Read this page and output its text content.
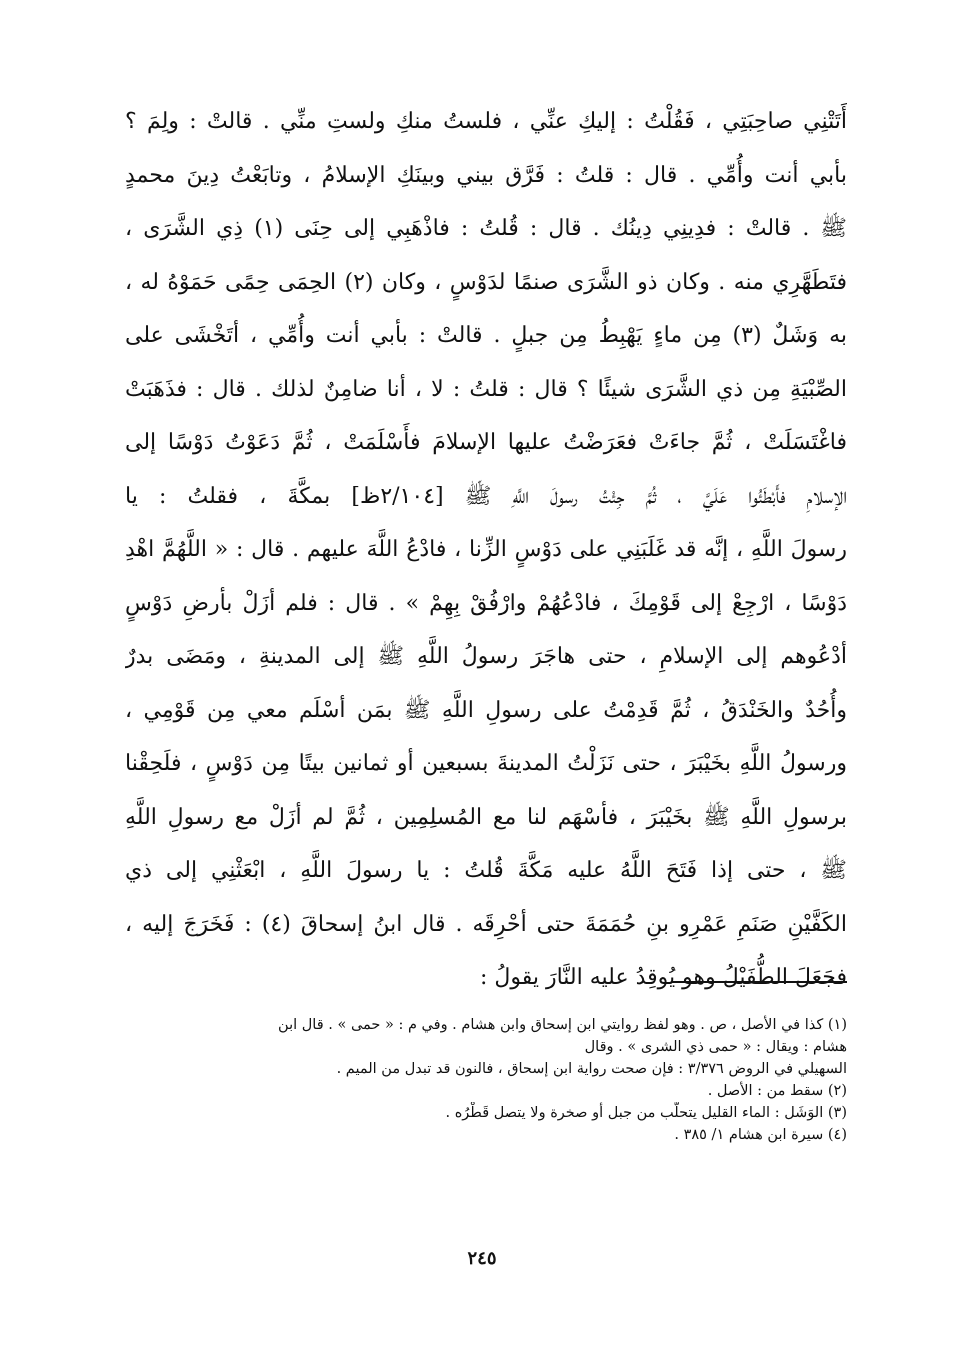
أَتَتْنِي صاحِبَتِي ، فَقُلْتُ : إليكِ عنِّي ، فلستُ منكِ ولستِ منِّي . قالتْ : ولِمَ ؟
بأبي أنت وأُمِّي . قال : قلتُ : فَرَّق بيني وبينَكِ الإسلامُ ، وتابَعْتُ دِينَ محمدٍ
ﷺ . قالتْ : فدِينِي دِينُك . قال : قُلتُ : فاذْهَبِي إلى حِنَى (١) ذِي الشَّرَى ،
فتَطَهَّرِي منه . وكان ذو الشَّرَى صنمًا لدَوْسٍ ، وكان (٢) الحِمَى حِمًى حَمَوْهُ له ،
به وَشَلٌ (٣) مِن ماءٍ يَهْبِطُ مِن جبلٍ . قالتْ : بأبي أنت وأُمِّي ، أتَخْشَى على
الصِّبْيَةِ مِن ذي الشَّرَى شيئًا ؟ قال : قلتُ : لا ، أنا ضامِنٌ لذلك . قال : فذَهَبَتْ
فاغْتَسَلَتْ ، ثُمَّ جاءَتْ فعَرَضْتُ عليها الإسلامَ فأَسْلَمَتْ ، ثُمَّ دَعَوْتُ دَوْسًا إلى
الإسلامِ فأَبْطَئُوا عَلَيَّ ، ثُمَّ جِئْتُ رسولَ اللَّهِ ﷺ [٢/١٠٤ظ] بمكَّةَ ، فقلتُ : يا
رسولَ اللَّهِ ، إنَّه قد غَلَبَنِي على دَوْسٍ الزِّنا ، فادْعُ اللَّهَ عليهم . قال : « اللَّهُمَّ اهْدِ
دَوْسًا ، ارْجِعْ إلى قَوْمِكَ ، فادْعُهُمْ وارْفُقْ بِهِمْ » . قال : فلم أزَلْ بأرضِ دَوْسٍ
أدْعُوهم إلى الإسلامِ ، حتى هاجَرَ رسولُ اللَّهِ ﷺ إلى المدينةِ ، ومَضَى بدرٌ
وأُحُدٌ والخَنْدَقُ ، ثُمَّ قَدِمْتُ على رسولِ اللَّهِ ﷺ بمَن أسْلَم معي مِن قَوْمِي ،
ورسولُ اللَّهِ بخَيْبَرَ ، حتى نَزَلْتُ المدينةَ بسبعين أو ثمانين بيتًا مِن دَوْسٍ ، فلَحِقْنا
برسولِ اللَّهِ ﷺ بخَيْبَرَ ، فأسْهَم لنا مع المُسلِمِين ، ثُمَّ لم أزَلْ مع رسولِ اللَّهِ
ﷺ ، حتى إذا فَتَحَ اللَّهُ عليه مَكَّةَ قُلتُ : يا رسولَ اللَّهِ ، ابْعَثْنِي إلى ذي
الكَفَّيْنِ صَنَمِ عَمْرِو بنِ حُمَمَةَ حتى أحْرِقَه . قال ابنُ إسحاقَ (٤) : فَخَرَجَ إليه ،
فجَعَلَ الطُّفَيْلُ وهو يُوقِدُ عليه النَّارَ يقولُ :
(١) كذا في الأصل ، ص . وهو لفظ روايتي ابن إسحاق وابن هشام . وفي م : « حمى » . قال ابن
هشام : ويقال : « حمى ذي الشرى » . وقال
السهيلي في الروض ٣/٣٧٦ : فإن صحت رواية ابن إسحاق ، فالنون قد تبدل من الميم .
(٢) سقط من : الأصل .
(٣) الوَشَل : الماء القليل يتحلَّب من جبل أو صخرة ولا يتصل قَطْرُه .
(٤) سيرة ابن هشام ١/ ٣٨٥ .
٢٤٥
